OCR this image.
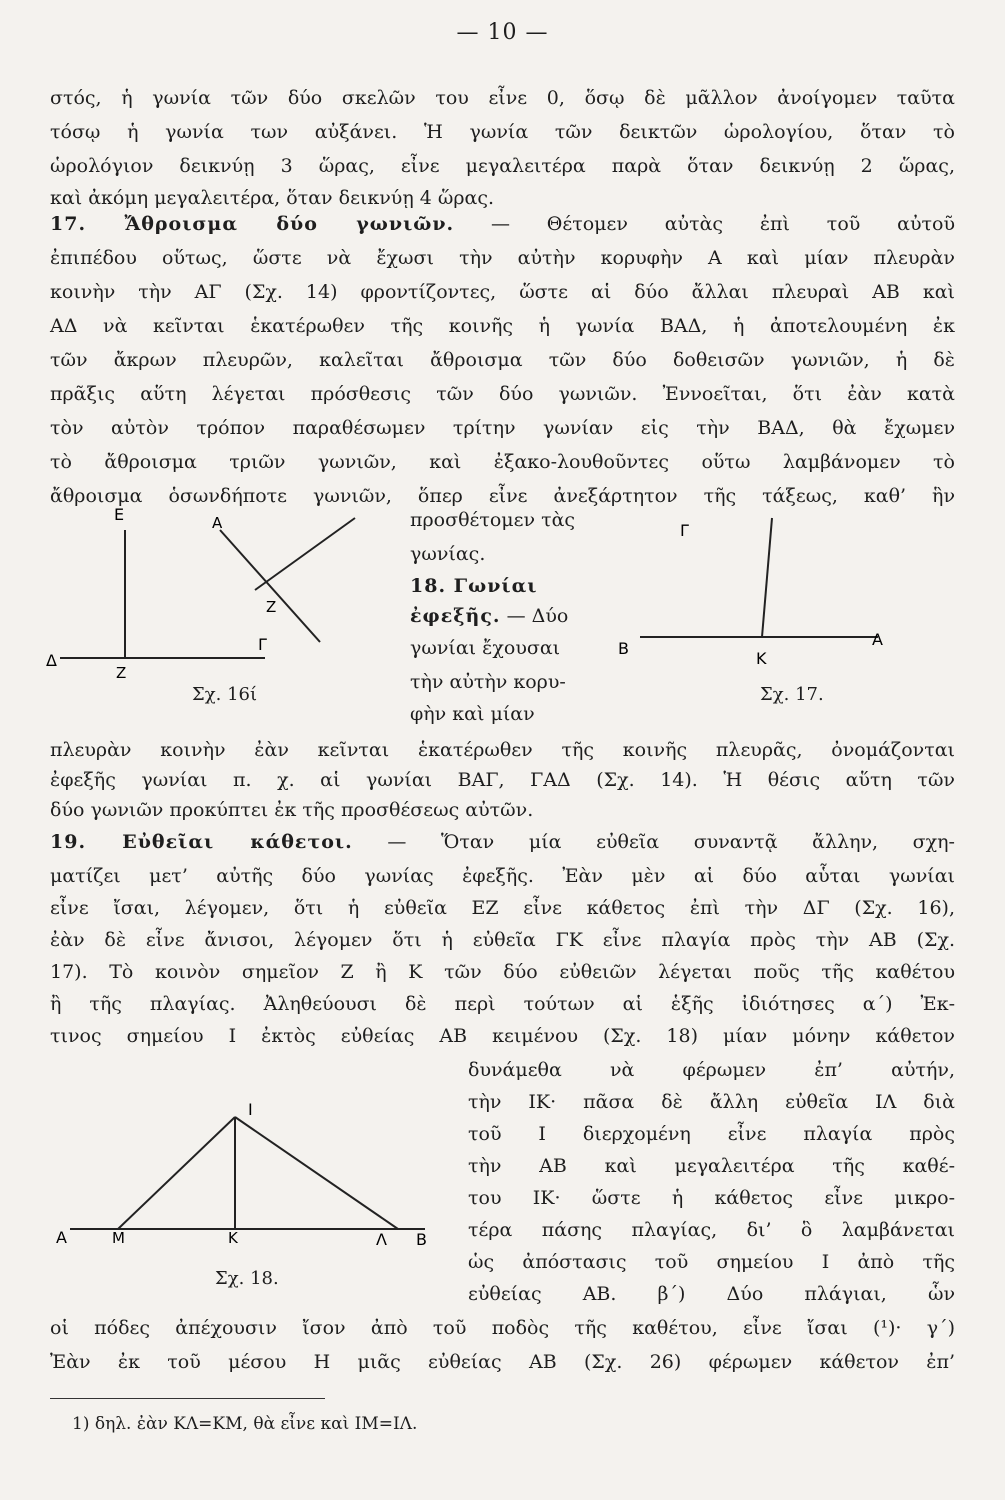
— 10 —
στός, ἡ γωνία τῶν δύο σκελῶν του εἶνε 0, ὅσῳ δὲ μᾶλλον ἀνοίγομεν ταῦτα
τόσῳ ἡ γωνία των αὐξάνει. Ἡ γωνία τῶν δεικτῶν ὡρολογίου, ὅταν τὸ
ὡρολόγιον δεικνύῃ 3 ὥρας, εἶνε μεγαλειτέρα παρὰ ὅταν δεικνύῃ 2 ὥρας,
καὶ ἀκόμη μεγαλειτέρα, ὅταν δεικνύῃ 4 ὥρας.
17. Ἄθροισμα δύο γωνιῶν. — Θέτομεν αὐτὰς ἐπὶ τοῦ αὐτοῦ
ἐπιπέδου οὕτως, ὥστε νὰ ἔχωσι τὴν αὐτὴν κορυφὴν Α καὶ μίαν πλευρὰν
κοινὴν τὴν ΑΓ (Σχ. 14) φροντίζοντες, ὥστε αἱ δύο ἄλλαι πλευραὶ ΑΒ καὶ
ΑΔ νὰ κεῖνται ἑκατέρωθεν τῆς κοινῆς ἡ γωνία ΒΑΔ, ἡ ἀποτελουμένη ἐκ
τῶν ἄκρων πλευρῶν, καλεῖται ἄθροισμα τῶν δύο δοθεισῶν γωνιῶν, ἡ δὲ
πρᾶξις αὕτη λέγεται πρόσθεσις τῶν δύο γωνιῶν. Ἐννοεῖται, ὅτι ἐὰν κατὰ
τὸν αὐτὸν τρόπον παραθέσωμεν τρίτην γωνίαν εἰς τὴν ΒΑΔ, θὰ ἔχωμεν
τὸ ἄθροισμα τριῶν γωνιῶν, καὶ ἐξακο-λουθοῦντες οὕτω λαμβάνομεν τὸ
ἄθροισμα ὁσωνδήποτε γωνιῶν, ὅπερ εἶνε ἀνεξάρτητον τῆς τάξεως, καθ’ ἣν
E
Δ
Z
Γ
A
Z
Σχ. 16ί
προσθέτομεν τὰς
γωνίας.
18. Γωνίαι
ἐφεξῆς. — Δύο
γωνίαι ἔχουσαι
τὴν αὐτὴν κορυ-
φὴν καὶ μίαν
Γ
B
K
A
Σχ. 17.
πλευρὰν κοινὴν ἐὰν κεῖνται ἑκατέρωθεν τῆς κοινῆς πλευρᾶς, ὀνομάζονται
ἐφεξῆς γωνίαι π. χ. αἱ γωνίαι ΒΑΓ, ΓΑΔ (Σχ. 14). Ἡ θέσις αὕτη τῶν
δύο γωνιῶν προκύπτει ἐκ τῆς προσθέσεως αὐτῶν.
19. Εὐθεῖαι κάθετοι. — Ὅταν μία εὐθεῖα συναντᾷ ἄλλην, σχη-
ματίζει μετ’ αὐτῆς δύο γωνίας ἐφεξῆς. Ἐὰν μὲν αἱ δύο αὗται γωνίαι
εἶνε ἴσαι, λέγομεν, ὅτι ἡ εὐθεῖα ΕΖ εἶνε κάθετος ἐπὶ τὴν ΔΓ (Σχ. 16),
ἐὰν δὲ εἶνε ἄνισοι, λέγομεν ὅτι ἡ εὐθεῖα ΓΚ εἶνε πλαγία πρὸς τὴν ΑΒ (Σχ.
17). Τὸ κοινὸν σημεῖον Ζ ἢ Κ τῶν δύο εὐθειῶν λέγεται ποῦς τῆς καθέτου
ἢ τῆς πλαγίας. Ἀληθεύουσι δὲ περὶ τούτων αἱ ἑξῆς ἰδιότησες α΄) Ἐκ-
τινος σημείου Ι ἐκτὸς εὐθείας ΑΒ κειμένου (Σχ. 18) μίαν μόνην κάθετον
I
A	M	K	Λ B
Σχ. 18.
δυνάμεθα νὰ φέρωμεν ἐπ’ αὐτήν,
τὴν ΙΚ· πᾶσα δὲ ἄλλη εὐθεῖα ΙΛ διὰ
τοῦ Ι διερχομένη εἶνε πλαγία πρὸς
τὴν ΑΒ καὶ μεγαλειτέρα τῆς καθέ-
του ΙΚ· ὥστε ἡ κάθετος εἶνε μικρο-
τέρα πάσης πλαγίας, δι’ ὃ λαμβάνεται
ὡς ἀπόστασις τοῦ σημείου Ι ἀπὸ τῆς
εὐθείας ΑΒ. β΄) Δύο πλάγιαι, ὧν
οἱ πόδες ἀπέχουσιν ἴσον ἀπὸ τοῦ ποδὸς τῆς καθέτου, εἶνε ἴσαι (¹)· γ΄)
Ἐὰν ἐκ τοῦ μέσου Η μιᾶς εὐθείας ΑΒ (Σχ. 26) φέρωμεν κάθετον ἐπ’
1) δηλ. ἐὰν ΚΛ=ΚΜ, θὰ εἶνε καὶ ΙΜ=ΙΛ.
